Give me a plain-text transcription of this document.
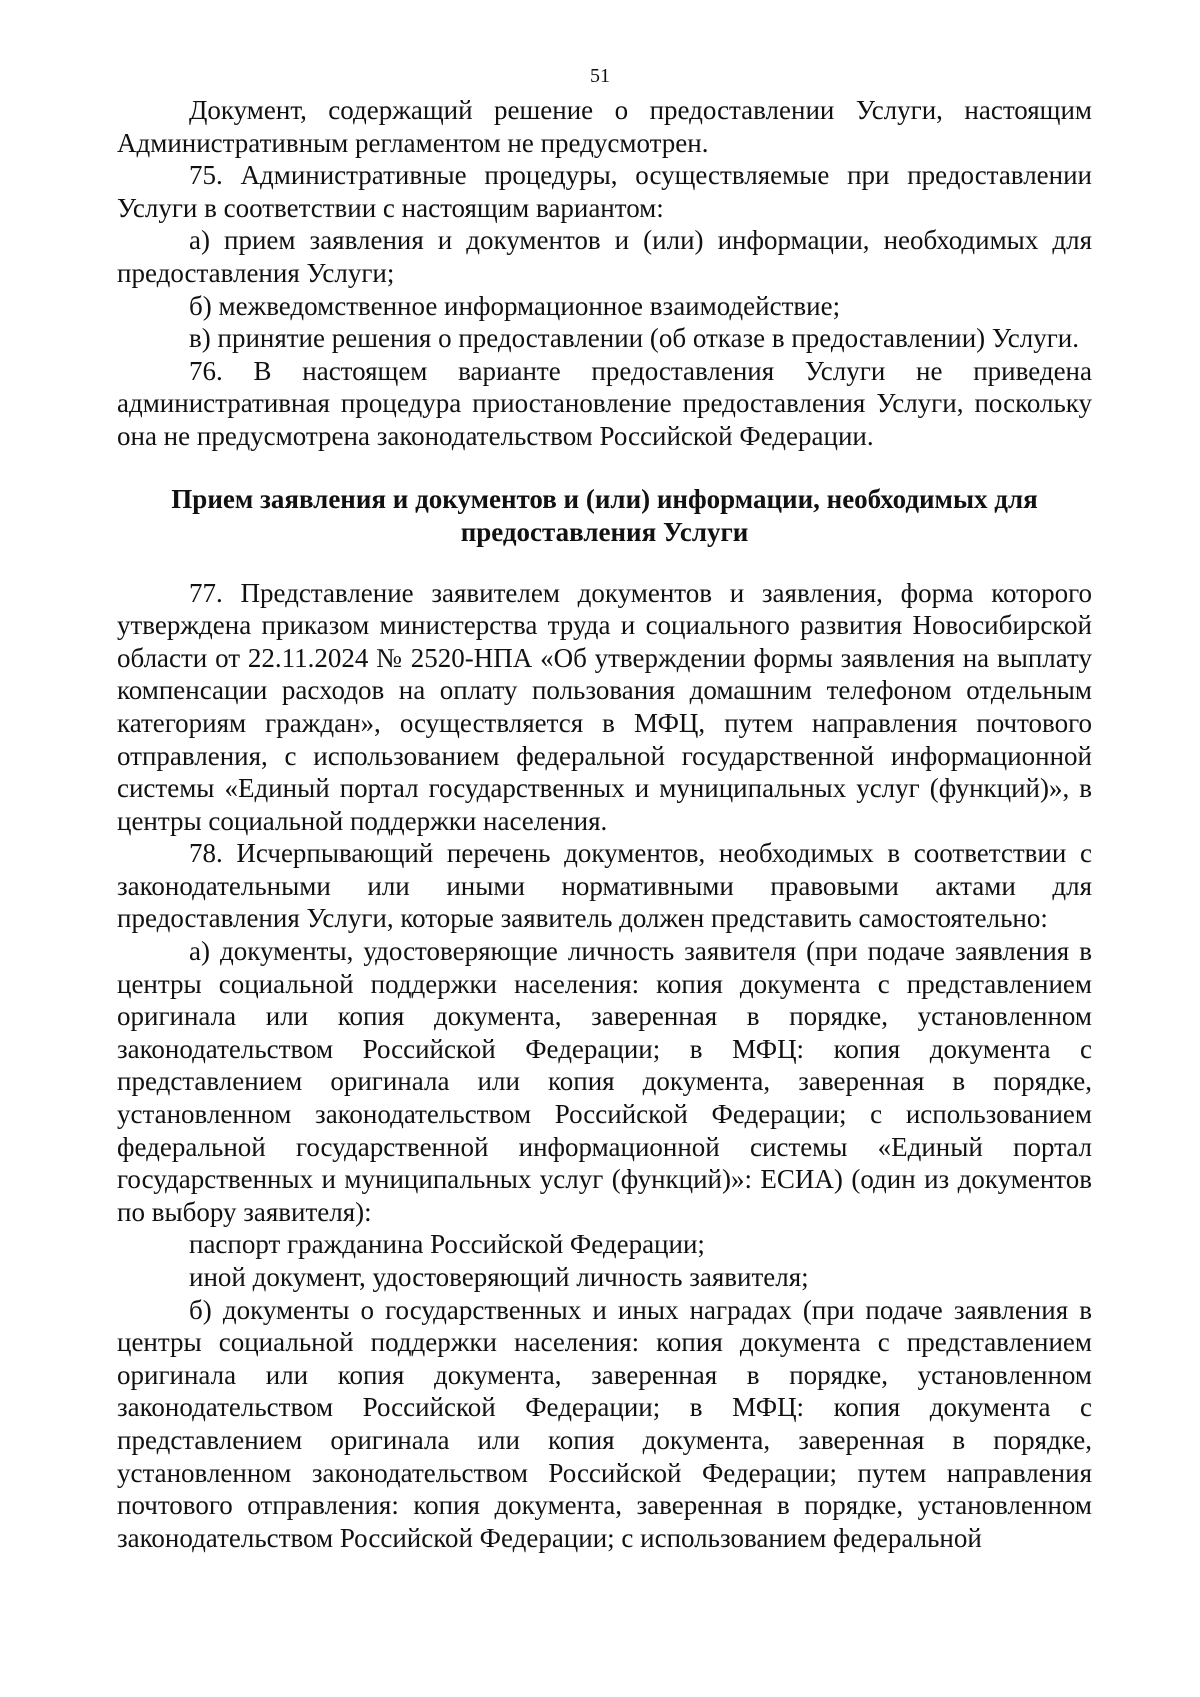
51

Документ, содержащий решение о предоставлении Услуги, настоящим Административным регламентом не предусмотрен.

75. Административные процедуры, осуществляемые при предоставлении Услуги в соответствии с настоящим вариантом:

а) прием заявления и документов и (или) информации, необходимых для предоставления Услуги;

б) межведомственное информационное взаимодействие;

в) принятие решения о предоставлении (об отказе в предоставлении) Услуги.

76. В настоящем варианте предоставления Услуги не приведена административная процедура приостановление предоставления Услуги, поскольку она не предусмотрена законодательством Российской Федерации.

Прием заявления и документов и (или) информации, необходимых для предоставления Услуги

77. Представление заявителем документов и заявления, форма которого утверждена приказом министерства труда и социального развития Новосибирской области от 22.11.2024 № 2520-НПА «Об утверждении формы заявления на выплату компенсации расходов на оплату пользования домашним телефоном отдельным категориям граждан», осуществляется в МФЦ, путем направления почтового отправления, с использованием федеральной государственной информационной системы «Единый портал государственных и муниципальных услуг (функций)», в центры социальной поддержки населения.

78. Исчерпывающий перечень документов, необходимых в соответствии с законодательными или иными нормативными правовыми актами для предоставления Услуги, которые заявитель должен представить самостоятельно:

а) документы, удостоверяющие личность заявителя (при подаче заявления в центры социальной поддержки населения: копия документа с представлением оригинала или копия документа, заверенная в порядке, установленном законодательством Российской Федерации; в МФЦ: копия документа с представлением оригинала или копия документа, заверенная в порядке, установленном законодательством Российской Федерации; с использованием федеральной государственной информационной системы «Единый портал государственных и муниципальных услуг (функций)»: ЕСИА) (один из документов по выбору заявителя):

паспорт гражданина Российской Федерации;

иной документ, удостоверяющий личность заявителя;

б) документы о государственных и иных наградах (при подаче заявления в центры социальной поддержки населения: копия документа с представлением оригинала или копия документа, заверенная в порядке, установленном законодательством Российской Федерации; в МФЦ: копия документа с представлением оригинала или копия документа, заверенная в порядке, установленном законодательством Российской Федерации; путем направления почтового отправления: копия документа, заверенная в порядке, установленном законодательством Российской Федерации; с использованием федеральной
